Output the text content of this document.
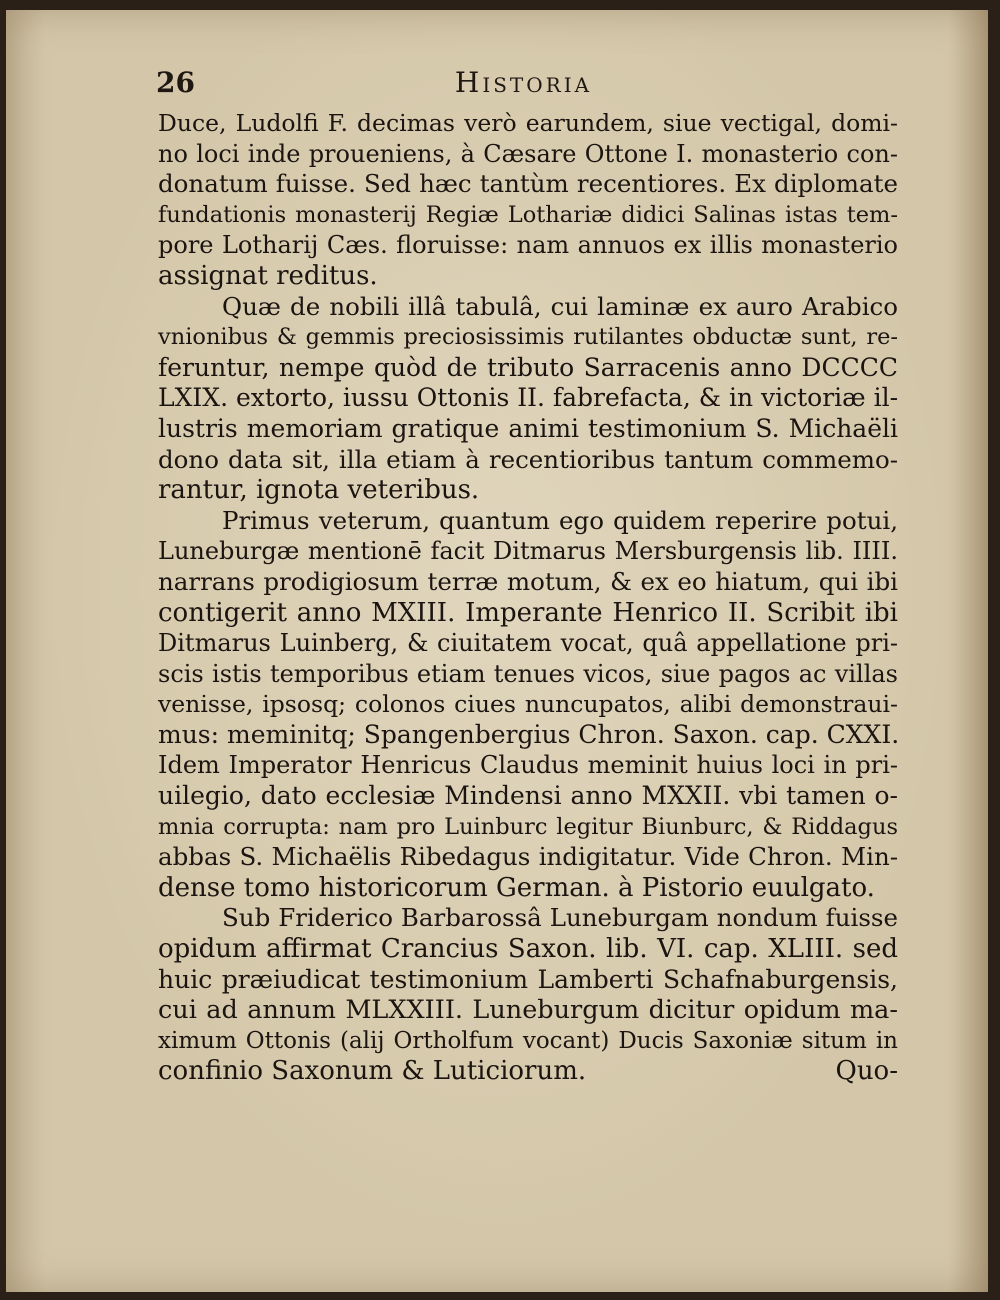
26	Historia
Duce, Ludolfi F. decimas verò earundem, siue vectigal, domi-
no loci inde proueniens, à Cæsare Ottone I. monasterio con-
donatum fuisse. Sed hæc tantùm recentiores. Ex diplomate
fundationis monasterij Regiæ Lothariæ didici Salinas istas tem-
pore Lotharij Cæs. floruisse: nam annuos ex illis monasterio
assignat reditus.
Quæ de nobili illâ tabulâ, cui laminæ ex auro Arabico
vnionibus & gemmis preciosissimis rutilantes obductæ sunt, re-
feruntur, nempe quòd de tributo Sarracenis anno DCCCC
LXIX. extorto, iussu Ottonis II. fabrefacta, & in victoriæ il-
lustris memoriam gratique animi testimonium S. Michaëli
dono data sit, illa etiam à recentioribus tantum commemo-
rantur, ignota veteribus.
Primus veterum, quantum ego quidem reperire potui,
Luneburgæ mentionē facit Ditmarus Mersburgensis lib. IIII.
narrans prodigiosum terræ motum, & ex eo hiatum, qui ibi
contigerit anno MXIII. Imperante Henrico II. Scribit ibi
Ditmarus Luinberg, & ciuitatem vocat, quâ appellatione pri-
scis istis temporibus etiam tenues vicos, siue pagos ac villas
venisse, ipsosq; colonos ciues nuncupatos, alibi demonstraui-
mus: meminitq; Spangenbergius Chron. Saxon. cap. CXXI.
Idem Imperator Henricus Claudus meminit huius loci in pri-
uilegio, dato ecclesiæ Mindensi anno MXXII. vbi tamen o-
mnia corrupta: nam pro Luinburc legitur Biunburc, & Riddagus
abbas S. Michaëlis Ribedagus indigitatur. Vide Chron. Min-
dense tomo historicorum German. à Pistorio euulgato.
Sub Friderico Barbarossâ Luneburgam nondum fuisse
opidum affirmat Crancius Saxon. lib. VI. cap. XLIII. sed
huic præiudicat testimonium Lamberti Schafnaburgensis,
cui ad annum MLXXIII. Luneburgum dicitur opidum ma-
ximum Ottonis (alij Ortholfum vocant) Ducis Saxoniæ situm in
confinio Saxonum & Luticiorum.	Quo-
